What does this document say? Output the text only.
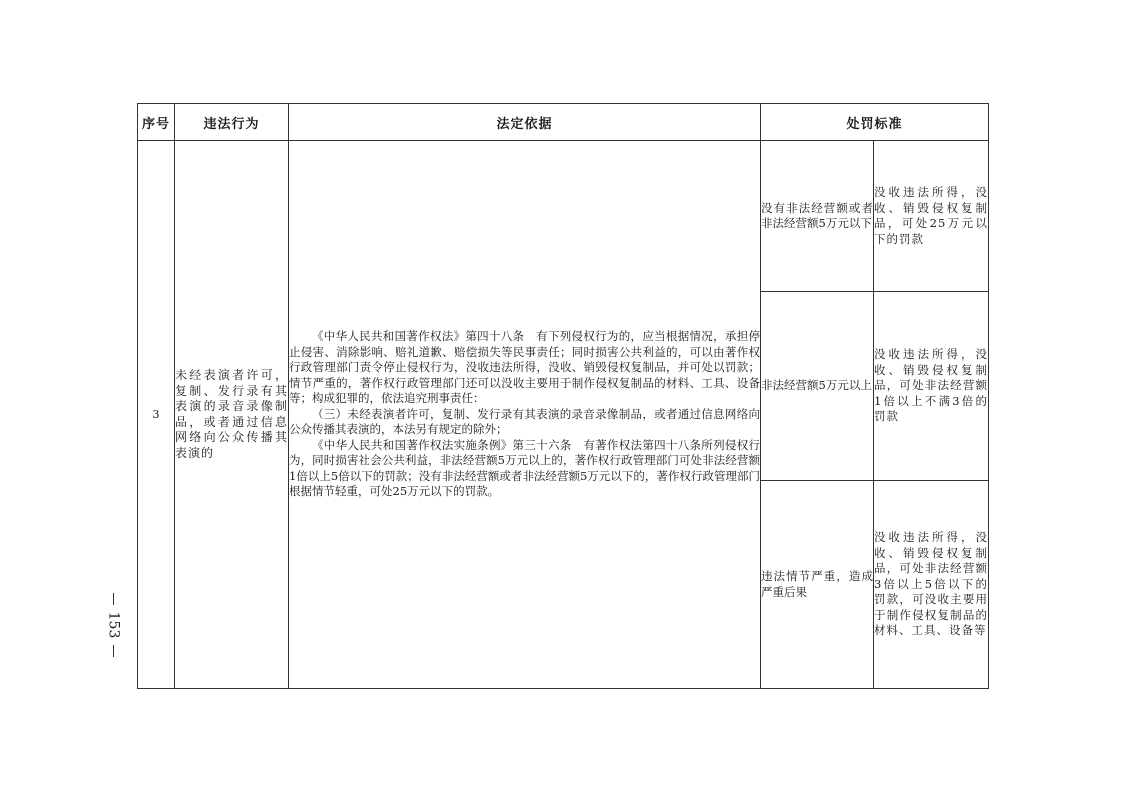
序号	违法行为	法定依据	处罚标准	
3	未经表演者许可，复制、发行录有其表演的录音录像制品，或者通过信息网络向公众传播其表演的	《中华人民共和国著作权法》第四十八条　有下列侵权行为的，应当根据情况，承担停止侵害、消除影响、赔礼道歉、赔偿损失等民事责任；同时损害公共利益的，可以由著作权行政管理部门责令停止侵权行为，没收违法所得，没收、销毁侵权复制品，并可处以罚款；情节严重的，著作权行政管理部门还可以没收主要用于制作侵权复制品的材料、工具、设备等；构成犯罪的，依法追究刑事责任：

（三）未经表演者许可，复制、发行录有其表演的录音录像制品，或者通过信息网络向公众传播其表演的，本法另有规定的除外；

《中华人民共和国著作权法实施条例》第三十六条　有著作权法第四十八条所列侵权行为，同时损害社会公共利益，非法经营额5万元以上的，著作权行政管理部门可处非法经营额1倍以上5倍以下的罚款；没有非法经营额或者非法经营额5万元以下的，著作权行政管理部门根据情节轻重，可处25万元以下的罚款。	没有非法经营额或者非法经营额5万元以下	没收违法所得，没收、销毁侵权复制品，可处25万元以下的罚款
			非法经营额5万元以上	没收违法所得，没收、销毁侵权复制品，可处非法经营额1倍以上不满3倍的罚款
			违法情节严重，造成严重后果	没收违法所得，没收、销毁侵权复制品，可处非法经营额3倍以上5倍以下的罚款，可没收主要用于制作侵权复制品的材料、工具、设备等
153
